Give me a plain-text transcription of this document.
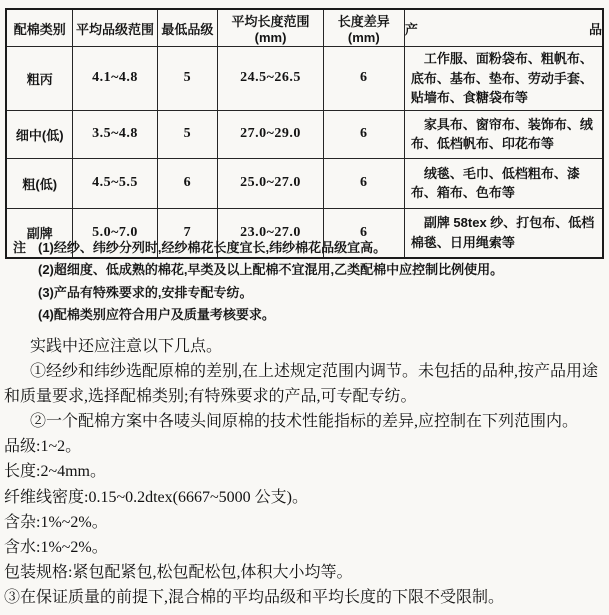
配棉类别	平均品级范围	最低品级	平均长度范围(mm)	长度差异(mm)	产品
粗丙	4.1~4.8	5	24.5~26.5	6	工作服、面粉袋布、粗帆布、底布、基布、垫布、劳动手套、贴墙布、食糖袋布等
细中(低)	3.5~4.8	5	27.0~29.0	6	家具布、窗帘布、装饰布、绒布、低档帆布、印花布等
粗(低)	4.5~5.5	6	25.0~27.0	6	绒毯、毛巾、低档粗布、漆布、箱布、色布等
副牌	5.0~7.0	7	23.0~27.0	6	副牌 58tex 纱、打包布、低档棉毯、日用绳索等
注 (1)经纱、纬纱分列时,经纱棉花长度宜长,纬纱棉花品级宜高。
(2)超细度、低成熟的棉花,早类及以上配棉不宜混用,乙类配棉中应控制比例使用。
(3)产品有特殊要求的,安排专配专纺。
(4)配棉类别应符合用户及质量考核要求。

实践中还应注意以下几点。

①经纱和纬纱选配原棉的差别,在上述规定范围内调节。未包括的品种,按产品用途和质量要求,选择配棉类别;有特殊要求的产品,可专配专纺。

②一个配棉方案中各唛头间原棉的技术性能指标的差异,应控制在下列范围内。

品级:1~2。

长度:2~4mm。

纤维线密度:0.15~0.2dtex(6667~5000 公支)。

含杂:1%~2%。

含水:1%~2%。

包装规格:紧包配紧包,松包配松包,体积大小均等。

③在保证质量的前提下,混合棉的平均品级和平均长度的下限不受限制。
